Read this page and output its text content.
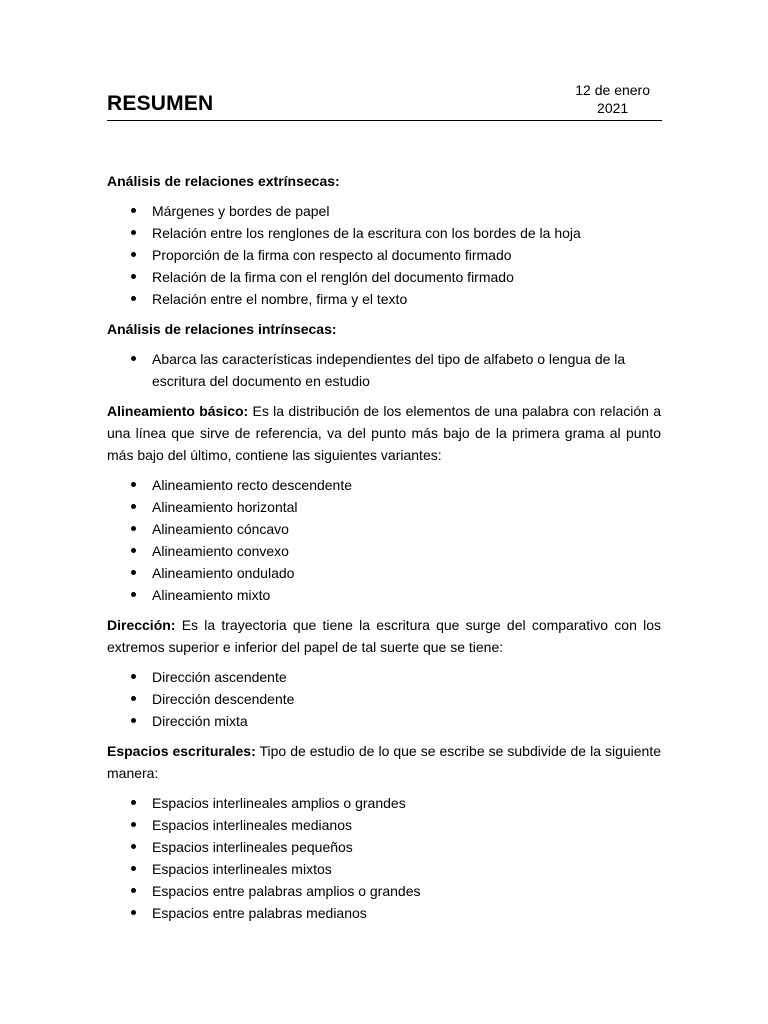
RESUMEN
12 de enero
2021
Análisis de relaciones extrínsecas:
Márgenes y bordes de papel
Relación entre los renglones de la escritura con los bordes de la hoja
Proporción de la firma con respecto al documento firmado
Relación de la firma con el renglón del documento firmado
Relación entre el nombre, firma y el texto
Análisis de relaciones intrínsecas:
Abarca las características independientes del tipo de alfabeto o lengua de la escritura del documento en estudio

Alineamiento básico: Es la distribución de los elementos de una palabra con relación a una línea que sirve de referencia, va del punto más bajo de la primera grama al punto más bajo del último, contiene las siguientes variantes:

Alineamiento recto descendente
Alineamiento horizontal
Alineamiento cóncavo
Alineamiento convexo
Alineamiento ondulado
Alineamiento mixto

Dirección: Es la trayectoria que tiene la escritura que surge del comparativo con los extremos superior e inferior del papel de tal suerte que se tiene:

Dirección ascendente
Dirección descendente
Dirección mixta

Espacios escriturales: Tipo de estudio de lo que se escribe se subdivide de la siguiente manera:

Espacios interlineales amplios o grandes
Espacios interlineales medianos
Espacios interlineales pequeños
Espacios interlineales mixtos
Espacios entre palabras amplios o grandes
Espacios entre palabras medianos
